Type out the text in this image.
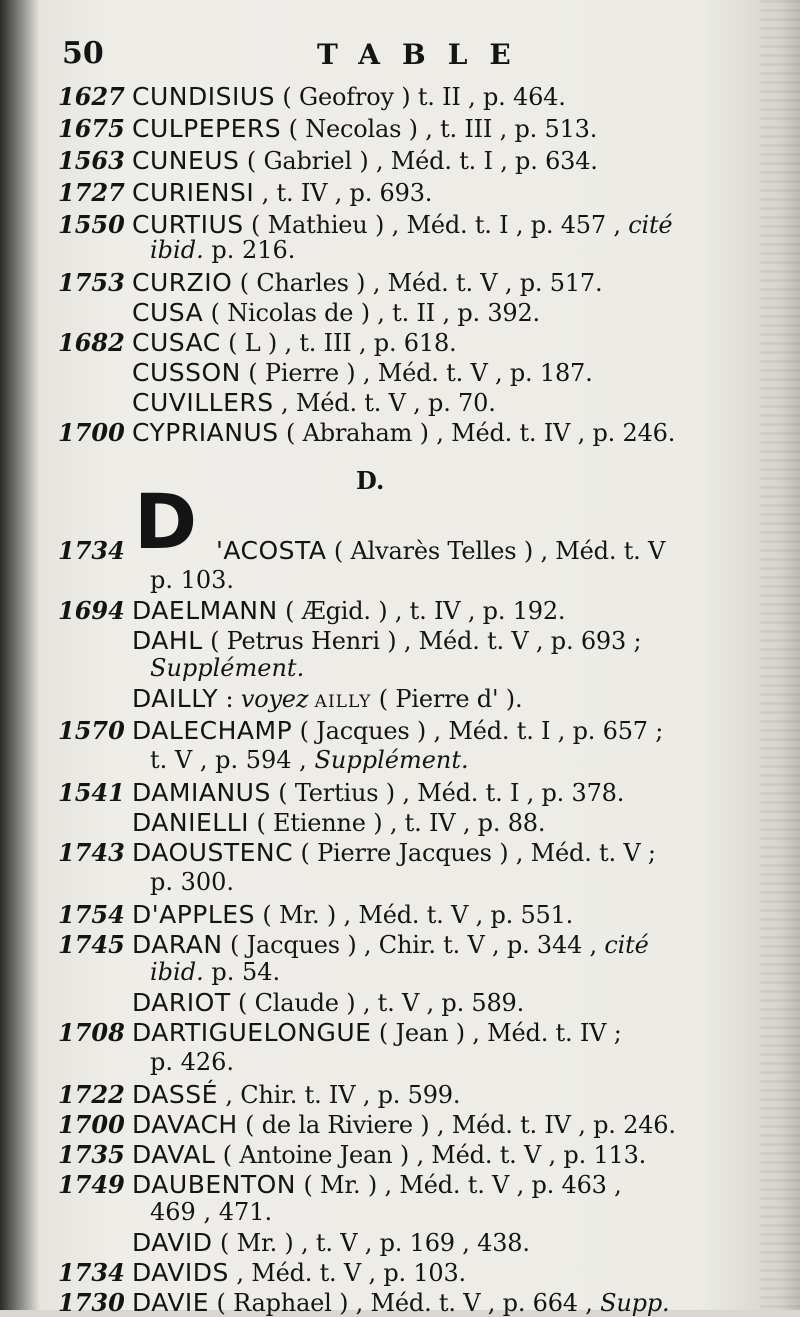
50	TABLE
D.
D
1627 CUNDISIUS ( Geofroy ) t. II , p. 464.
1675 CULPEPERS ( Necolas ) , t. III , p. 513.
1563 CUNEUS ( Gabriel ) , Méd. t. I , p. 634.
1727 CURIENSI , t. IV , p. 693.
1550 CURTIUS ( Mathieu ) , Méd. t. I , p. 457 , cité
ibid. p. 216.
1753 CURZIO ( Charles ) , Méd. t. V , p. 517.
CUSA ( Nicolas de ) , t. II , p. 392.
1682 CUSAC ( L ) , t. III , p. 618.
CUSSON ( Pierre ) , Méd. t. V , p. 187.
CUVILLERS , Méd. t. V , p. 70.
1700 CYPRIANUS ( Abraham ) , Méd. t. IV , p. 246.
1734	'ACOSTA ( Alvarès Telles ) , Méd. t. V
p. 103.
1694 DAELMANN ( Ægid. ) , t. IV , p. 192.
DAHL ( Petrus Henri ) , Méd. t. V , p. 693 ;
Supplément.
DAILLY : voyez AILLY ( Pierre d' ).
1570 DALECHAMP ( Jacques ) , Méd. t. I , p. 657 ;
t. V , p. 594 , Supplément.
1541 DAMIANUS ( Tertius ) , Méd. t. I , p. 378.
DANIELLI ( Etienne ) , t. IV , p. 88.
1743 DAOUSTENC ( Pierre Jacques ) , Méd. t. V ;
p. 300.
1754 D'APPLES ( Mr. ) , Méd. t. V , p. 551.
1745 DARAN ( Jacques ) , Chir. t. V , p. 344 , cité
ibid. p. 54.
DARIOT ( Claude ) , t. V , p. 589.
1708 DARTIGUELONGUE ( Jean ) , Méd. t. IV ;
p. 426.
1722 DASSÉ , Chir. t. IV , p. 599.
1700 DAVACH ( de la Riviere ) , Méd. t. IV , p. 246.
1735 DAVAL ( Antoine Jean ) , Méd. t. V , p. 113.
1749 DAUBENTON ( Mr. ) , Méd. t. V , p. 463 ,
469 , 471.
DAVID ( Mr. ) , t. V , p. 169 , 438.
1734 DAVIDS , Méd. t. V , p. 103.
1730 DAVIE ( Raphael ) , Méd. t. V , p. 664 , Supp.
